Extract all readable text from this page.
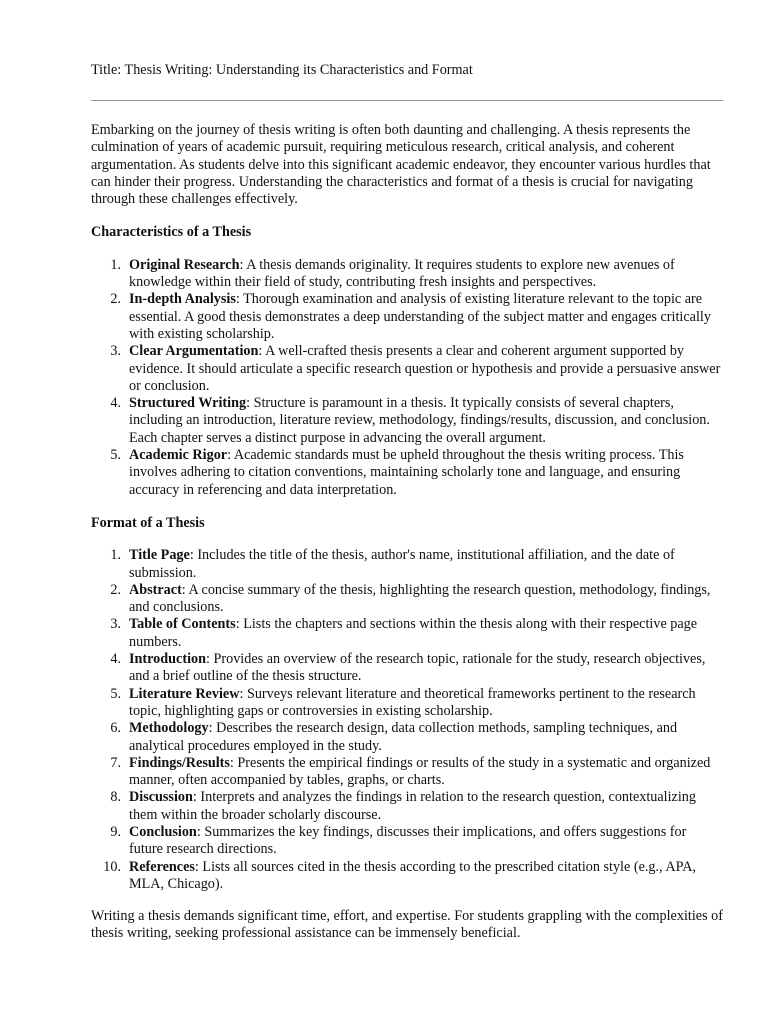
Title: Thesis Writing: Understanding its Characteristics and Format

Embarking on the journey of thesis writing is often both daunting and challenging. A thesis represents the culmination of years of academic pursuit, requiring meticulous research, critical analysis, and coherent argumentation. As students delve into this significant academic endeavor, they encounter various hurdles that can hinder their progress. Understanding the characteristics and format of a thesis is crucial for navigating through these challenges effectively.

Characteristics of a Thesis
1. Original Research: A thesis demands originality. It requires students to explore new avenues of knowledge within their field of study, contributing fresh insights and perspectives.
2. In-depth Analysis: Thorough examination and analysis of existing literature relevant to the topic are essential. A good thesis demonstrates a deep understanding of the subject matter and engages critically with existing scholarship.
3. Clear Argumentation: A well-crafted thesis presents a clear and coherent argument supported by evidence. It should articulate a specific research question or hypothesis and provide a persuasive answer or conclusion.
4. Structured Writing: Structure is paramount in a thesis. It typically consists of several chapters, including an introduction, literature review, methodology, findings/results, discussion, and conclusion. Each chapter serves a distinct purpose in advancing the overall argument.
5. Academic Rigor: Academic standards must be upheld throughout the thesis writing process. This involves adhering to citation conventions, maintaining scholarly tone and language, and ensuring accuracy in referencing and data interpretation.
Format of a Thesis
1. Title Page: Includes the title of the thesis, author's name, institutional affiliation, and the date of submission.
2. Abstract: A concise summary of the thesis, highlighting the research question, methodology, findings, and conclusions.
3. Table of Contents: Lists the chapters and sections within the thesis along with their respective page numbers.
4. Introduction: Provides an overview of the research topic, rationale for the study, research objectives, and a brief outline of the thesis structure.
5. Literature Review: Surveys relevant literature and theoretical frameworks pertinent to the research topic, highlighting gaps or controversies in existing scholarship.
6. Methodology: Describes the research design, data collection methods, sampling techniques, and analytical procedures employed in the study.
7. Findings/Results: Presents the empirical findings or results of the study in a systematic and organized manner, often accompanied by tables, graphs, or charts.
8. Discussion: Interprets and analyzes the findings in relation to the research question, contextualizing them within the broader scholarly discourse.
9. Conclusion: Summarizes the key findings, discusses their implications, and offers suggestions for future research directions.
10. References: Lists all sources cited in the thesis according to the prescribed citation style (e.g., APA, MLA, Chicago).

Writing a thesis demands significant time, effort, and expertise. For students grappling with the complexities of thesis writing, seeking professional assistance can be immensely beneficial.
